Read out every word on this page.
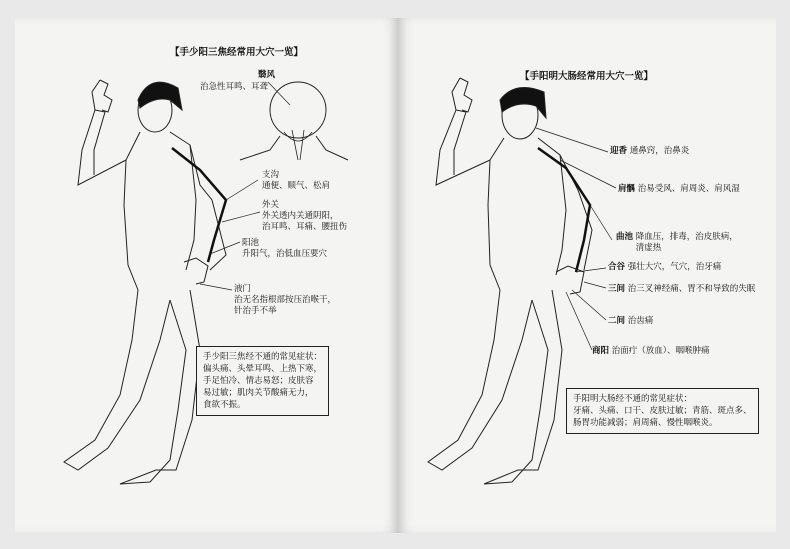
【手少阳三焦经常用大穴一览】
翳风
治急性耳鸣、耳聋
支沟
通便、顺气、松肩
外关
外关透内关通阴阳，
治耳鸣、耳痛、腰扭伤
阳池
升阳气，治低血压要穴
液门
治无名指根部按压治喉干，
针治手不举
手少阳三焦经不通的常见症状：
偏头痛、头晕耳鸣、上热下寒，
手足怕冷、情志易怒；皮肤容
易过敏；肌肉关节酸痛无力，
食欲不振。
【手阳明大肠经常用大穴一览】
迎香 通鼻窍，治鼻炎
肩髃 治易受风、肩周炎、肩风湿
曲池 降血压，排毒，治皮肤病，
清虚热
合谷 强壮大穴，气穴，治牙痛
三间 治三叉神经痛、胃不和导致的失眠
二间 治齿痛
商阳 治面疔（放血）、咽喉肿痛
手阳明大肠经不通的常见症状：
牙痛、头痛、口干、皮肤过敏；青筋、斑点多、
肠胃功能减弱；肩周痛、慢性咽喉炎。
